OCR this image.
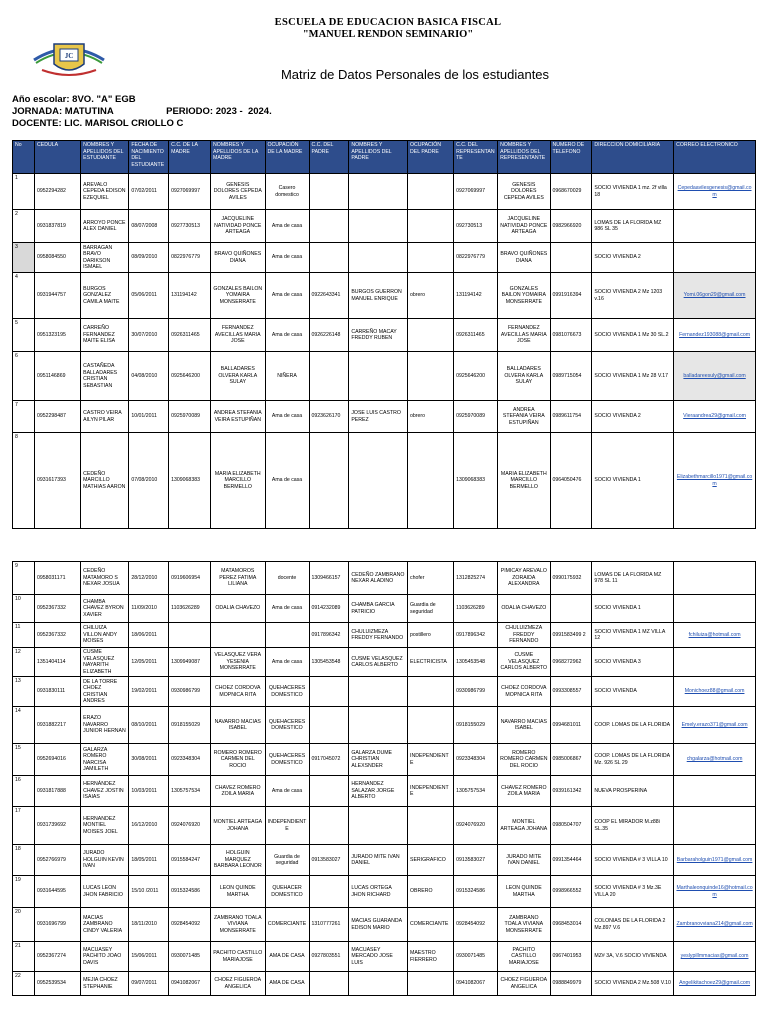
ESCUELA DE EDUCACION BASICA FISCAL
"MANUEL RENDON SEMINARIO"
JC
Matriz de Datos Personales de los estudiantes
Año escolar: 8VO. "A" EGB
JORNADA: MATUTINA                    PERIODO: 2023 -  2024.
DOCENTE: LIC. MARISOL CRIOLLO C
No	CEDULA	NOMBRES Y APELLIDOS DEL ESTUDIANTE	FECHA DE NACIMIENTO DEL ESTUDIANTE	C.C. DE LA MADRE	NOMBRES Y APELLIDOS DE LA MADRE	OCUPACIÓN DE LA MADRE	C.C. DEL PADRE	NOMBRES Y APELLIDOS DEL PADRE	OCUPACIÓN DEL PADRE	C.C. DEL REPRESENTANTE	NOMBRES Y APELLIDOS DEL REPRESENTANTE	NUMERO DE TELEFONO	DIRECCION DOMICILIARIA	CORREO ELECTRONICO
1	0952294282	AREVALO CEPEDA EDISON EZEQUIEL	07/02/2011	0927069997	GENESIS DOLORES CEPEDA AVILES	Casero domestico				0927069997	GENESIS DOLORES CEPEDA AVILES	0968670029	SOCIO VIVIENDA 1 mz. 2f villa 18	Cepedaavilesgenesis@gmail.com
2	0931837819	ARROYO PONCE ALEX DANIEL	08/07/2008	0927730513	JACQUELINE NATIVIDAD PONCE ARTEAGA	Ama de casa				092730513	JACQUELINE NATIVIDAD PONCE ARTEAGA	0982966920	LOMAS DE LA FLORIDA MZ 986 SL 35	
3	0958084550	BARRAGAN BRAVO DARIKSON ISMAEL	08/09/2010	0822976779	BRAVO QUIÑONES DIANA	Ama de casa				0822976779	BRAVO QUIÑONES DIANA		SOCIO VIVIENDA 2	
4	0931944757	BURGOS GONZALEZ CAMILA MAITE	05/06/2011	131194142	GONZALES BAILON YOMAIRA MONSERRATE	Ama de casa	0922643341	BURGOS GUERRON MANUEL ENRIQUE	obrero	131194142	GONZALES BAILON YOMAIRA MONSERRATE	0991916394	SOCIO VIVIENDA 2 Mz 1203 v.16	Yomi.06gon29@gmail.com
5	0951323195	CARREÑO FERNANDEZ MAITE ELISA	30/07/2010	0926311465	FERNANDEZ AVECILLAS MARIA JOSE	Ama de casa	0926226148	CARREÑO MACAY FREDDY RUBEN		0926311465	FERNANDEZ AVECILLAS MARIA JOSE	0981076673	SOCIO VIVIENDA 1 Mz 30 SL.2	Fernandez193088@gmail.com
6	0951146869	CASTAÑEDA BALLADARES CRISTIAN SEBASTIAN	04/08/2010	0925646200	BALLADARES OLVERA KARLA SULAY	NIÑERA				0925646200	BALLADARES OLVERA KARLA SULAY	0989715054	SOCIO VIVIENDA 1 Mz 28 V.17	balladareesuly@gmail.com
7	0952298487	CASTRO VEIRA AILYN PILAR	10/01/2011	0925970089	ANDREA STEFANIA VEIRA ESTUPIÑAN	Ama de casa	0923626170	JOSE LUIS CASTRO PEREZ	obrero	0925970089	ANDREA STEFANIA VEIRA ESTUPIÑAN	0989611754	SOCIO VIVIENDA 2	Vieraandrea29@gmail.com
8	0931617393	CEDEÑO MARCILLO MATHIAS AARON	07/08/2010	1309068383	MARIA ELIZABETH MARCILLO BERMELLO	Ama de casa				1309068383	MARIA ELIZABETH MARCILLO BERMELLO	0964050476	SOCIO VIVIENDA 1	Elizabethmarcillo1971@gmail.com
9	0958031171	CEDEÑO MATAMORO S NEXAR JOSUA	28/12/2010	0919606954	MATAMOROS PEREZ FATIMA LILIANA	docente	1309466157	CEDEÑO ZAMBRANO NEXAR ALADINO	chofer	1312825274	PIMICAY AREVALO ZORAIDA ALEXANDRA	0990175932	LOMAS DE LA FLORIDA MZ 978 SL 11	
10	0952367332	CHAMBA CHAVEZ BYRON XAVIER	11/09/2010	1103626289	ODALIA CHAVEZO	Ama de casa	0914232089	CHAMBA GARCIA PATRICIO	Guardia de seguridad	1103626289	ODALIA CHAVEZO		SOCIO VIVIENDA 1	
11	0952367332	CHILUIZA VILLON ANDY MOISES	18/06/2011				0917896342	CHULUIZMEZA FREDDY FERNANDO	postillero	0917896342	CHULUIZMEZA FREDDY FERNANDO	0991583499 2	SOCIO VIVIENDA 1 MZ VILLA 12	fchiluiza@hotmail.com
12	1351404114	CUSME VELASQUEZ NAYARITH ELIZABETH	12/05/2011	1309949087	VELASQUEZ VERA YESENIA MONSERRATE	Ama de casa	1305453548	CUSME VELASQUEZ CARLOS ALBERTO	ELECTRICISTA	1305453548	CUSME VELASQUEZ CARLOS ALBERTO	0968272962	SOCIO VIVIENDA 3	
13	0931830111	DE LA TORRE CHOEZ CRISTIAN ANDRES	19/02/2011	0930986799	CHOEZ CORDOVA MOPNICA RITA	QUEHACERES DOMESTICO				0930986799	CHOEZ CORDOVA MOPNICA RITA	0993308557	SOCIO VIVIENDA	Monichoez88@gmail.com
14	0931882217	ERAZO NAVARRO JUNIOR HERNAN	08/10/2011	0918155029	NAVARRO MACIAS ISABEL	QUEHACERES DOMESTICO				0918155029	NAVARRO MACIAS ISABEL	0994681011	COOP. LOMAS DE LA FLORIDA	Emely.erazo371@gmail.com
15	0952694016	GALARZA ROMERO NARCISA JAMILETH	30/08/2011	0923348304	ROMERO ROMERO CARMEN DEL ROCIO	QUEHACERES DOMESTICO	0917045072	GALARZA DUME CHRISTIAN ALEXSNDER	INDEPENDIENTE	0923348304	ROMERO ROMERO CARMEN DEL ROCIO	0985006867	COOP. LOMAS DE LA FLORIDA Mz. 926 SL 29	chgalarza@hotmail.com
16	0931817888	HERNÁNDEZ CHAVEZ JOSTIN ISAIAS	10/03/2011	1305757534	CHAVEZ ROMERO ZOILA MARIA	Ama de casa		HERNANDEZ SALAZAR JORGE ALBERTO	INDEPENDIENTE	1305757534	CHAVEZ ROMERO ZOILA MARIA	0939161342	NUEVA PROSPERINA	
17	0931739692	HERNANDEZ MONTIEL MOISES JOEL	16/12/2010	0924076920	MONTIEL ARTEAGA JOHANA	INDEPENDIENTE				0924076920	MONTIEL ARTEAGA JOHANA	0980504707	COOP EL MIRADOR M.z88i SL.35	
18	0952766979	JURADO HOLGUIN KEVIN IVAN	18/05/2011	0915584247	HOLGUIN MARQUEZ BARBARA LEONOR	Guardia de seguridad	0913583027	JURADO MITE IVAN DANIEL	SERIGRAFICO	0913583027	JURADO MITE IVAN DANIEL	0991354464	SOCIO VIVIENDA # 3 VILLA 10	Barbaraholguin1971@gmail.com
19	0931644595	LUCAS LEON JHON FABRICIO	15/10 /2011	0915324586	LEON QUINDE MARTHA	QUEHACER DOMESTICO		LUCAS ORTEGA JHON RICHARD	OBRERO	0915324586	LEON QUINDE MARTHA	0998966552	SOCIO VIVIENDA # 3 Mz.3E VILLA 20	Marthaleonquinde16@hotmail.com
20	0931696799	MACIAS ZAMBRANO CINDY VALERIA	18/11/2010	0928454092	ZAMBRANO TOALA VIVIANA MONSERRATE	COMERCIANTE	1310777261	MACIAS GUARANDA EDISON MARIO	COMERCIANTE	0928454092	ZAMBRANO TOALA VIVIANA MONSERRATE	0968453014	COLONIAS DE LA FLORIDA 2 Mz.897 V.6	Zambranovviana214@gmail.com
21	0952367274	MACUASEY PACHITO JOAO DAVIS	15/06/2011	0930071485	PACHITO CASTILLO MARIAJOSE	AMA DE CASA	0927803551	MACUASEY MERCADO JOSE LUIS	MAESTRO FIERRERO	0930071485	PACHITO CASTILLO MARIAJOSE	0967401953	MZ# 3A, V.6 SOCIO VIVIENDA	yeslypillmmacias@gmail.com
22	0952539534	MEJIA CHOEZ STEPHANIE	09/07/2011	0941082067	CHOEZ FIGUEROA ANGELICA	AMA DE CASA				0941082067	CHOEZ FIGUEROA ANGELICA	0988849979	SOCIO VIVIENDA 2 Mz.508 V.10	Angelikitachoez29@gmail.com
